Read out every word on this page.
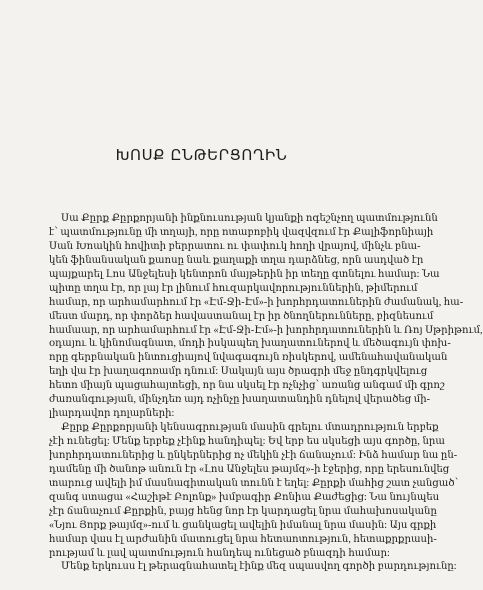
ԽՈՍՔ ԸՆԹԵՐՑՈՂԻՆ
Սա Քըրք Քըրքորյանի ինքնուսության կյանքի ոգեշնչող պատմությունն
է՝ պատմությունը մի տղայի, որը ոտաբոբիկ վազվզում էր Քալիֆորնիայի
Սան Խոակին հովիտի բերրատու ու փափուկ հողի վրայով, մինչև բնա-
կեն ֆինանսական քաոսը նաև քաղաքի տղա դարձնեց, որն ասդված էր
պայքարել Լոս Անջելեսի կենտրոն մայթերին իր տեղը գտնելու համար: Նա
պիտը տղա էր, որ լայ էր լինում հուզարկավորություններին, թիմերում
համար, որ արհամարհում էր «Էմ-Ջի-Էմ»-ի խորհրդատուներին ժամանակ, հա-
մեստ մարդ, որ փորձեր հավաստանալ էր իր ծնողներունները, բիզնեսում
համաար, որ արհամարհում էր «Էմ-Ջի-Էմ»-ի խորհրդատուներին և Ռոյ Սթրիթում,
օդայու և կինոմագնատ, մոդի իսկապեղ խաղատուներով և մեծագույն փոխ-
որը գերբնական ինտուցիայով նվագագույն ռիսկերով, ամենահավանական
եղի վա էր խաղագոռամր դնում: Սակայն այս ծրագրի մեջ ընդգրկվելուց
հետո միայն պացահայտեցի, որ նա սկսել էր ոչնչից՝ առանց անգամ մի գրոշ
ժառանգության, մինչդեռ այդ ոչինչը խաղատանդին դնելով վերածեց մի-
լիարդավոր դոլարների:
Քըրք Քըրքորյանի կենսագրության մասին գրելու մտադրություն երբեք
չէի ունեցել: Մենք երբեք չէինք հանդիպել: Եվ երբ ես սկսեցի այս գործը, նրա
խորհրդատուներից և ընկերներից ոչ մեկին չէի ճանաչում: Ինձ համար նա ըն-
դամենը մի ծանոթ անուն էր «Լոս Անջելես թայմզ»-ի էջերից, որը երեսունվեց
տարուց ավելի իմ մասնագիտական տունն է եղել: Քըրքի մահից շատ չանցած՝
զանգ ստացա «Հաշիթէ Բոլոնք» խմբագիր Քոնիա Քաժեցից: Նա նույնպես
չէր ճանաչում Քըրքին, բայց հենց նոր էր կարդացել նրա մահախոսականը
«Նյու Յորք թայմզ»-ում և ցանկացել ավելին իմանալ նրա մասին: Այս գրքի
համար վաս էլ արժանին մատուցել նրա հետաոտություն, հետաքրքրասի-
րությամ և լավ պատմություն հանդեպ ունեցած բնազդի համար:
Մենք երկուսս էլ թերագնահատել էինք մեզ սպասվող գործի բարդությունը:
